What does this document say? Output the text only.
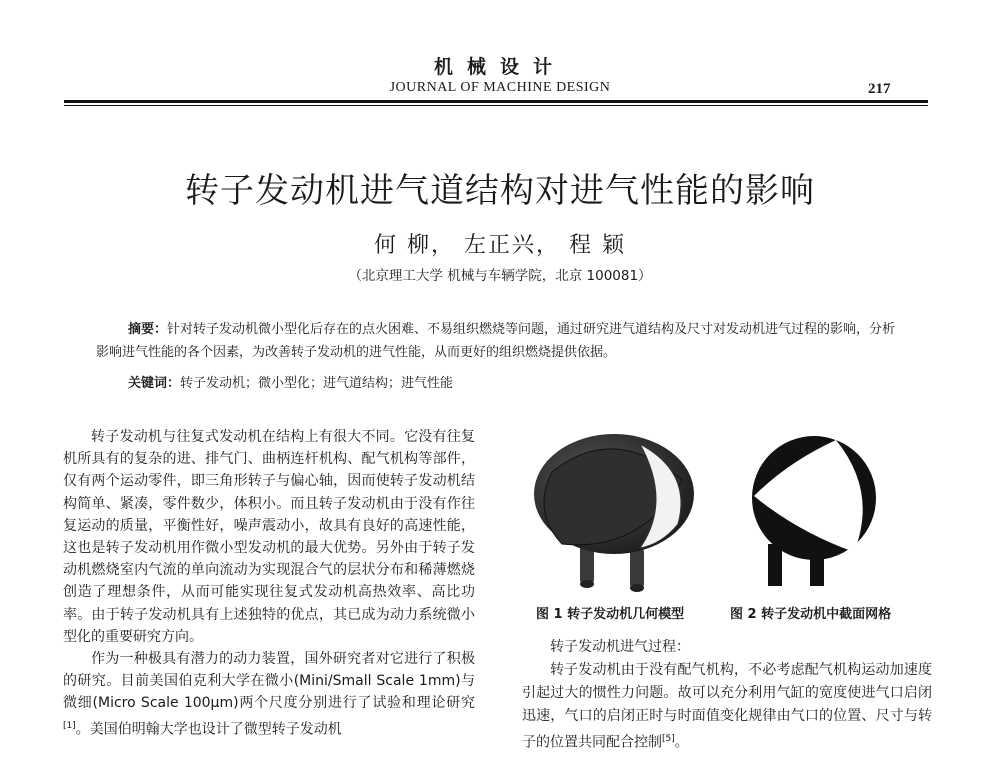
机械设计
JOURNAL OF MACHINE DESIGN	217
转子发动机进气道结构对进气性能的影响
何 柳， 左正兴， 程 颖
（北京理工大学 机械与车辆学院，北京 100081）
摘要：针对转子发动机微小型化后存在的点火困难、不易组织燃烧等问题，通过研究进气道结构及尺寸对发动机进气过程的影响，分析影响进气性能的各个因素，为改善转子发动机的进气性能，从而更好的组织燃烧提供依据。
关键词：转子发动机；微小型化；进气道结构；进气性能

转子发动机与往复式发动机在结构上有很大不同。它没有往复机所具有的复杂的进、排气门、曲柄连杆机构、配气机构等部件，仅有两个运动零件，即三角形转子与偏心轴，因而使转子发动机结构简单、紧凑，零件数少，体积小。而且转子发动机由于没有作往复运动的质量，平衡性好，噪声震动小，故具有良好的高速性能，这也是转子发动机用作微小型发动机的最大优势。另外由于转子发动机燃烧室内气流的单向流动为实现混合气的层状分布和稀薄燃烧创造了理想条件，从而可能实现往复式发动机高热效率、高比功率。由于转子发动机具有上述独特的优点，其已成为动力系统微小型化的重要研究方向。

作为一种极具有潜力的动力装置，国外研究者对它进行了积极的研究。目前美国伯克利大学在微小(Mini/Small Scale 1mm)与微细(Micro Scale 100μm)两个尺度分别进行了试验和理论研究[1]。美国伯明翰大学也设计了微型转子发动机

图 1 转子发动机几何模型	图 2 转子发动机中截面网格

转子发动机进气过程：

转子发动机由于没有配气机构，不必考虑配气机构运动加速度引起过大的惯性力问题。故可以充分利用气缸的宽度使进气口启闭迅速，气口的启闭正时与时面值变化规律由气口的位置、尺寸与转子的位置共同配合控制[5]。
